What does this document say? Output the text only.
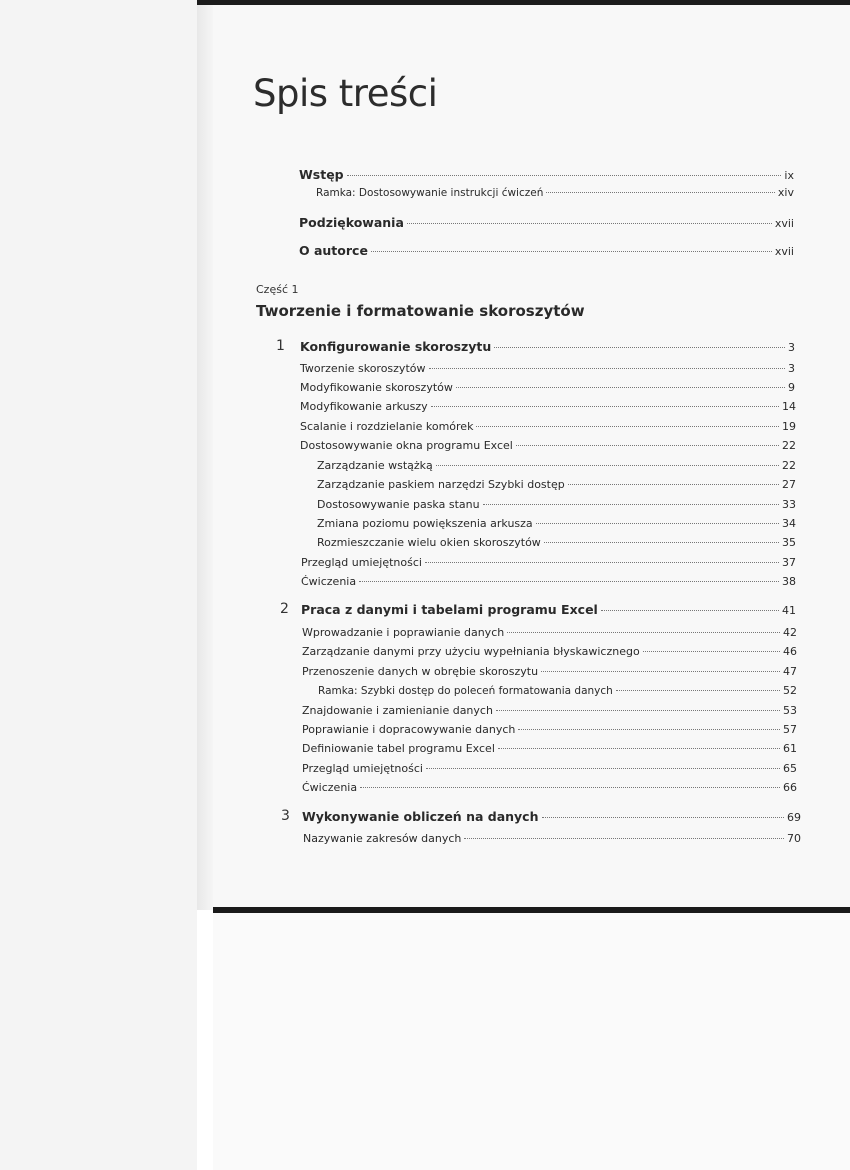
Spis treści
Wstęp	ix
Ramka: Dostosowywanie instrukcji ćwiczeń	xiv
Podziękowania	xvii
O autorce	xvii
Część 1
Tworzenie i formatowanie skoroszytów
1 Konfigurowanie skoroszytu	3
Tworzenie skoroszytów	3
Modyfikowanie skoroszytów	9
Modyfikowanie arkuszy	14
Scalanie i rozdzielanie komórek	19
Dostosowywanie okna programu Excel	22
Zarządzanie wstążką	22
Zarządzanie paskiem narzędzi Szybki dostęp	27
Dostosowywanie paska stanu	33
Zmiana poziomu powiększenia arkusza	34
Rozmieszczanie wielu okien skoroszytów	35
Przegląd umiejętności	37
Ćwiczenia	38
2 Praca z danymi i tabelami programu Excel	41
Wprowadzanie i poprawianie danych	42
Zarządzanie danymi przy użyciu wypełniania błyskawicznego	46
Przenoszenie danych w obrębie skoroszytu	47
Ramka: Szybki dostęp do poleceń formatowania danych	52
Znajdowanie i zamienianie danych	53
Poprawianie i dopracowywanie danych	57
Definiowanie tabel programu Excel	61
Przegląd umiejętności	65
Ćwiczenia	66
3 Wykonywanie obliczeń na danych	69
Nazywanie zakresów danych	70
